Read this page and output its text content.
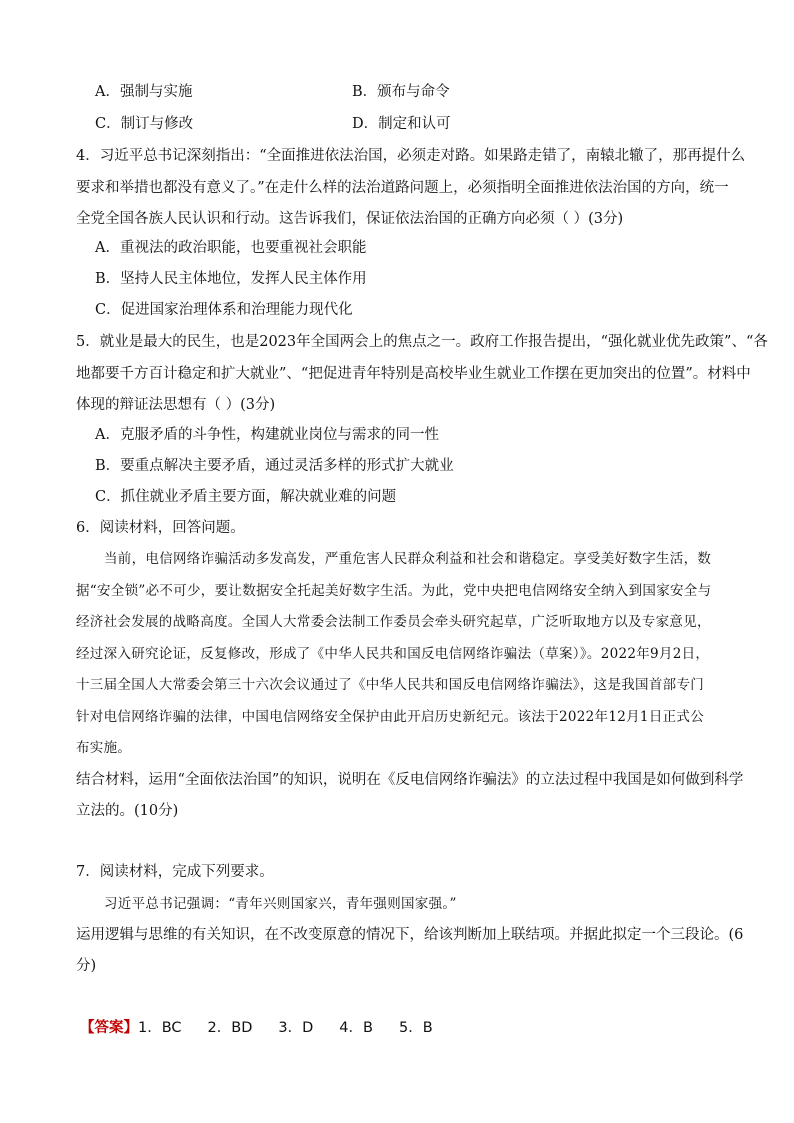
A．强制与实施	B．颁布与命令
C．制订与修改	D．制定和认可
4．习近平总书记深刻指出：“全面推进依法治国，必须走对路。如果路走错了，南辕北辙了，那再提什么
要求和举措也都没有意义了。”在走什么样的法治道路问题上，必须指明全面推进依法治国的方向，统一
全党全国各族人民认识和行动。这告诉我们，保证依法治国的正确方向必须（ ）(3分)
A．重视法的政治职能，也要重视社会职能
B．坚持人民主体地位，发挥人民主体作用
C．促进国家治理体系和治理能力现代化
5．就业是最大的民生，也是2023年全国两会上的焦点之一。政府工作报告提出，“强化就业优先政策”、“各
地都要千方百计稳定和扩大就业”、“把促进青年特别是高校毕业生就业工作摆在更加突出的位置”。材料中
体现的辩证法思想有（ ）(3分)
A．克服矛盾的斗争性，构建就业岗位与需求的同一性
B．要重点解决主要矛盾，通过灵活多样的形式扩大就业
C．抓住就业矛盾主要方面，解决就业难的问题
6．阅读材料，回答问题。
当前，电信网络诈骗活动多发高发，严重危害人民群众利益和社会和谐稳定。享受美好数字生活，数
据“安全锁”必不可少，要让数据安全托起美好数字生活。为此，党中央把电信网络安全纳入到国家安全与
经济社会发展的战略高度。全国人大常委会法制工作委员会牵头研究起草，广泛听取地方以及专家意见，
经过深入研究论证，反复修改，形成了《中华人民共和国反电信网络诈骗法（草案）》。2022年9月2日，
十三届全国人大常委会第三十六次会议通过了《中华人民共和国反电信网络诈骗法》，这是我国首部专门
针对电信网络诈骗的法律，中国电信网络安全保护由此开启历史新纪元。该法于2022年12月1日正式公
布实施。
结合材料，运用“全面依法治国”的知识，说明在《反电信网络诈骗法》的立法过程中我国是如何做到科学
立法的。(10分)
7．阅读材料，完成下列要求。
习近平总书记强调：“青年兴则国家兴，青年强则国家强。”
运用逻辑与思维的有关知识，在不改变原意的情况下，给该判断加上联结项。并据此拟定一个三段论。(6
分)
【答案】1．BC 2．BD 3．D 4．B 5．B
